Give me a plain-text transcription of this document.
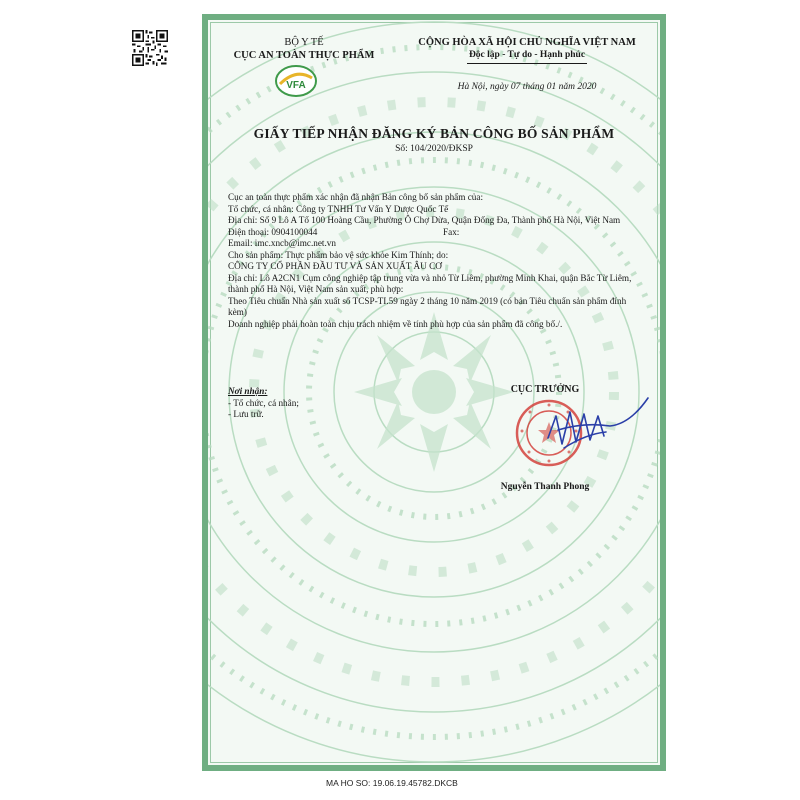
BỘ Y TẾ
CỤC AN TOÀN THỰC PHẨM
VFA
CỘNG HÒA XÃ HỘI CHỦ NGHĨA VIỆT NAM
Độc lập - Tự do - Hạnh phúc
Hà Nội, ngày 07 tháng 01 năm 2020
GIẤY TIẾP NHẬN ĐĂNG KÝ BẢN CÔNG BỐ SẢN PHẨM
Số: 104/2020/ĐKSP

Cục an toàn thực phẩm xác nhận đã nhận Bản công bố sản phẩm của:

Tổ chức, cá nhân: Công ty TNHH Tư Vấn Y Dược Quốc Tế

Địa chỉ: Số 9 Lô A Tổ 100 Hoàng Cầu, Phường Ô Chợ Dừa, Quận Đống Đa, Thành phố Hà Nội, Việt Nam

Điện thoại: 0904100044	Fax:

Email: imc.xncb@imc.net.vn

Cho sản phẩm: Thực phẩm bảo vệ sức khỏe Kim Thính; do:

CÔNG TY CỔ PHẦN ĐẦU TƯ VÀ SẢN XUẤT ÂU CƠ

Địa chỉ: Lô A2CN1 Cụm công nghiệp tập trung vừa và nhỏ Từ Liêm, phường Minh Khai, quận Bắc Từ Liêm, thành phố Hà Nội, Việt Nam sản xuất, phù hợp:

Theo Tiêu chuẩn Nhà sản xuất số TCSP-TI.59 ngày 2 tháng 10 năm 2019 (có bản Tiêu chuẩn sản phẩm đính kèm)

Doanh nghiệp phải hoàn toàn chịu trách nhiệm về tính phù hợp của sản phẩm đã công bố./.

Nơi nhận:
- Tổ chức, cá nhân;
- Lưu trữ.
CỤC TRƯỞNG
Nguyễn Thanh Phong
MA HO SO: 19.06.19.45782.DKCB
